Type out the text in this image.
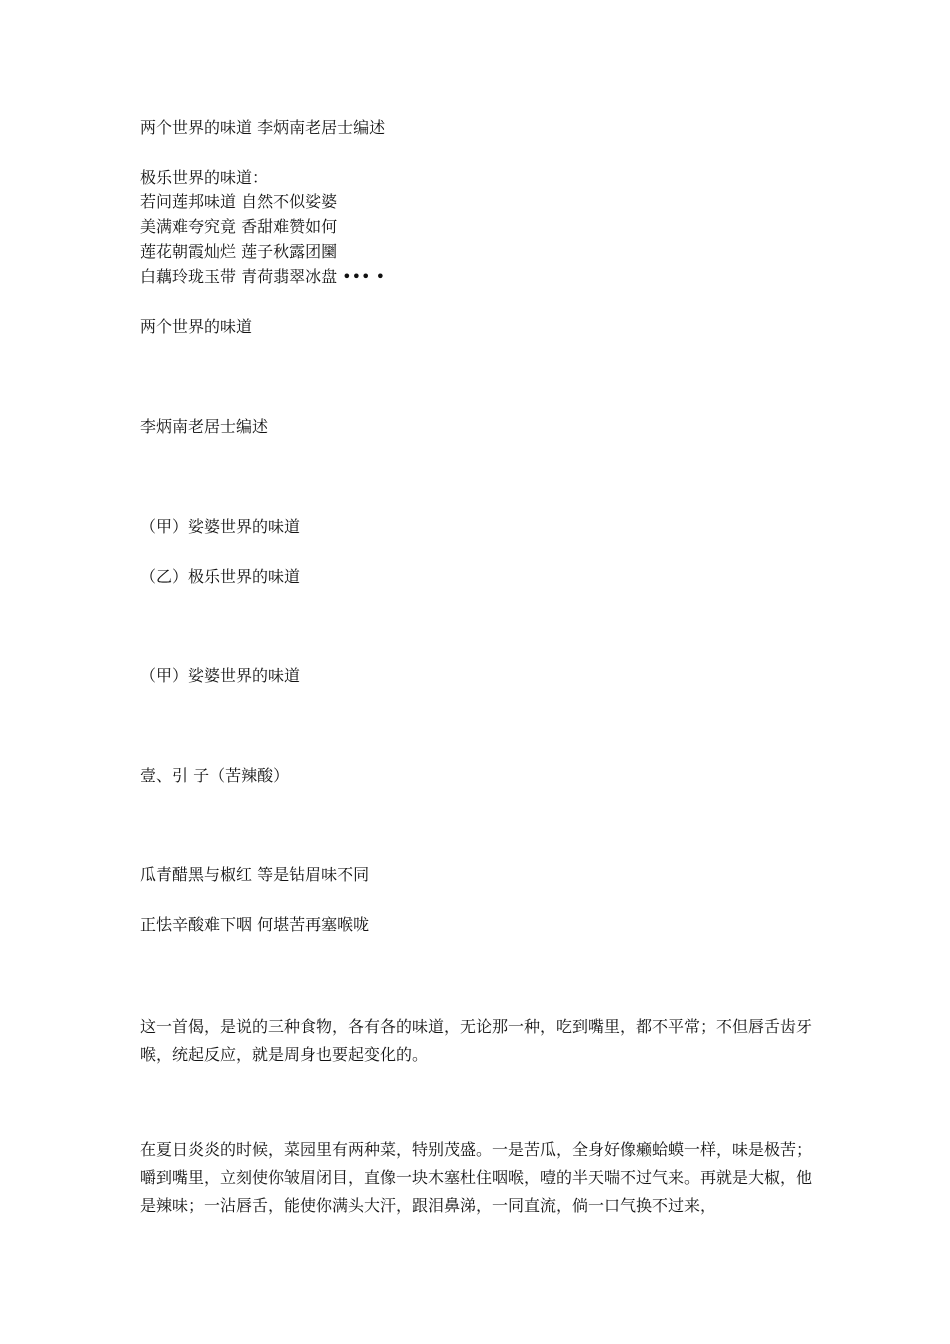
两个世界的味道 李炳南老居士编述

极乐世界的味道：

若问莲邦味道 自然不似娑婆

美满难夸究竟 香甜难赞如何

莲花朝霞灿烂 莲子秋露团圞

白藕玲珑玉带 青荷翡翠冰盘 ••• •

两个世界的味道

李炳南老居士编述

（甲）娑婆世界的味道

（乙）极乐世界的味道

（甲）娑婆世界的味道

壹、引 子（苦辣酸）

瓜青醋黑与椒红 等是钻眉味不同

正怯辛酸难下咽 何堪苦再塞喉咙

这一首偈，是说的三种食物，各有各的味道，无论那一种，吃到嘴里，都不平常；不但唇舌齿牙喉，统起反应，就是周身也要起变化的。

在夏日炎炎的时候，菜园里有两种菜，特别茂盛。一是苦瓜，全身好像癞蛤蟆一样，味是极苦；嚼到嘴里，立刻使你皱眉闭目，直像一块木塞杜住咽喉，噎的半天喘不过气来。再就是大椒，他是辣味；一沾唇舌，能使你满头大汗，跟泪鼻涕，一同直流，倘一口气换不过来，
